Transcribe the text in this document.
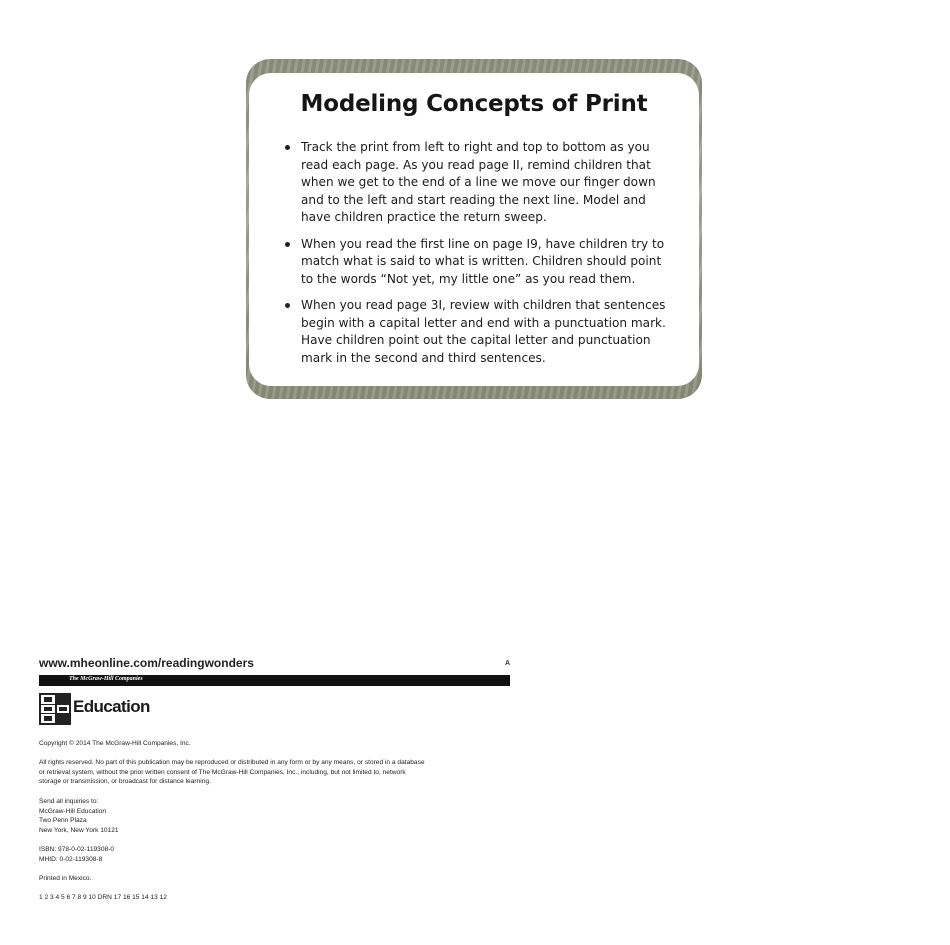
Modeling Concepts of Print
Track the print from left to right and top to bottom as you read each page. As you read page II, remind children that when we get to the end of a line we move our finger down and to the left and start reading the next line. Model and have children practice the return sweep.
When you read the first line on page I9, have children try to match what is said to what is written. Children should point to the words “Not yet, my little one” as you read them.
When you read page 3I, review with children that sentences begin with a capital letter and end with a punctuation mark. Have children point out the capital letter and punctuation mark in the second and third sentences.
www.mheonline.com/readingwonders	A
The McGraw-Hill Companies
Education
Copyright © 2014 The McGraw-Hill Companies, Inc.
All rights reserved. No part of this publication may be reproduced or distributed in any form or by any means, or stored in a database
or retrieval system, without the prior written consent of The McGraw-Hill Companies, Inc., including, but not limited to, network
storage or transmission, or broadcast for distance learning.
Send all inquiries to:
McGraw-Hill Education
Two Penn Plaza
New York, New York 10121
ISBN: 978-0-02-119308-0
MHID: 0-02-119308-8
Printed in Mexico.
1 2 3 4 5 6 7 8 9 10 DRN 17 16 15 14 13 12
